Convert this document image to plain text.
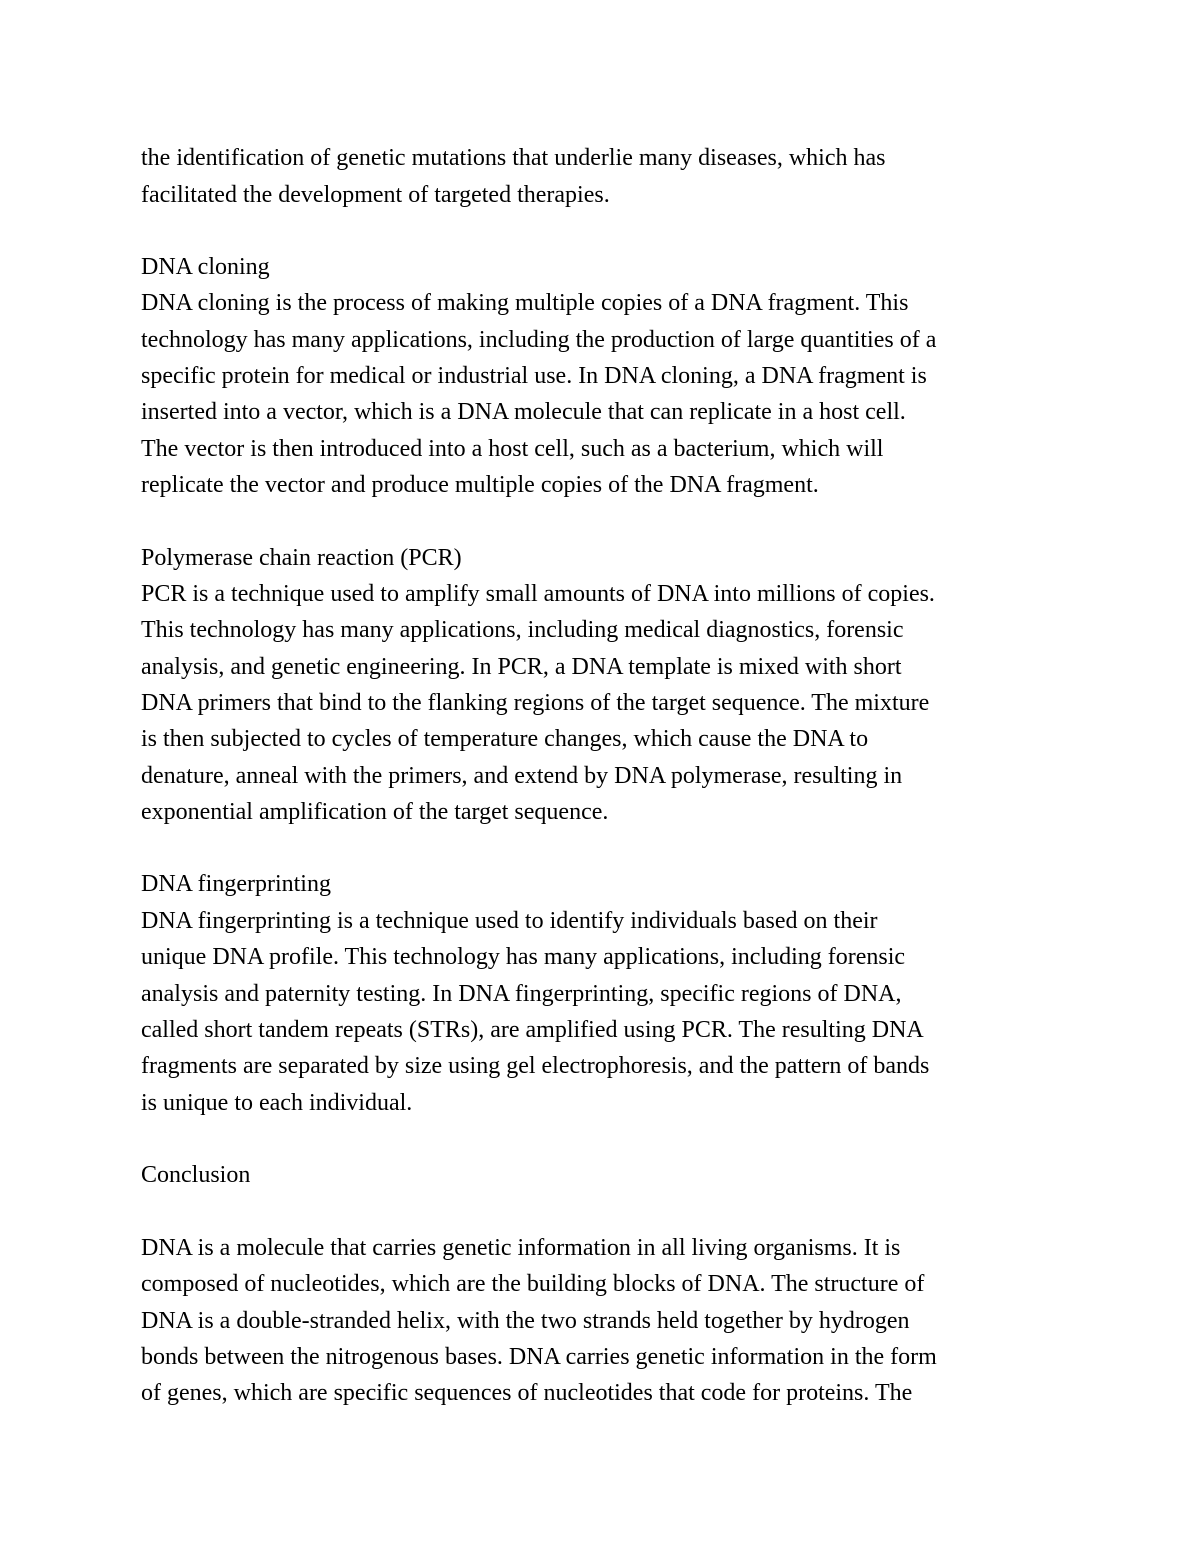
the identification of genetic mutations that underlie many diseases, which has
facilitated the development of targeted therapies.
DNA cloning
DNA cloning is the process of making multiple copies of a DNA fragment. This
technology has many applications, including the production of large quantities of a
specific protein for medical or industrial use. In DNA cloning, a DNA fragment is
inserted into a vector, which is a DNA molecule that can replicate in a host cell.
The vector is then introduced into a host cell, such as a bacterium, which will
replicate the vector and produce multiple copies of the DNA fragment.
Polymerase chain reaction (PCR)
PCR is a technique used to amplify small amounts of DNA into millions of copies.
This technology has many applications, including medical diagnostics, forensic
analysis, and genetic engineering. In PCR, a DNA template is mixed with short
DNA primers that bind to the flanking regions of the target sequence. The mixture
is then subjected to cycles of temperature changes, which cause the DNA to
denature, anneal with the primers, and extend by DNA polymerase, resulting in
exponential amplification of the target sequence.
DNA fingerprinting
DNA fingerprinting is a technique used to identify individuals based on their
unique DNA profile. This technology has many applications, including forensic
analysis and paternity testing. In DNA fingerprinting, specific regions of DNA,
called short tandem repeats (STRs), are amplified using PCR. The resulting DNA
fragments are separated by size using gel electrophoresis, and the pattern of bands
is unique to each individual.
Conclusion
DNA is a molecule that carries genetic information in all living organisms. It is
composed of nucleotides, which are the building blocks of DNA. The structure of
DNA is a double-stranded helix, with the two strands held together by hydrogen
bonds between the nitrogenous bases. DNA carries genetic information in the form
of genes, which are specific sequences of nucleotides that code for proteins. The
